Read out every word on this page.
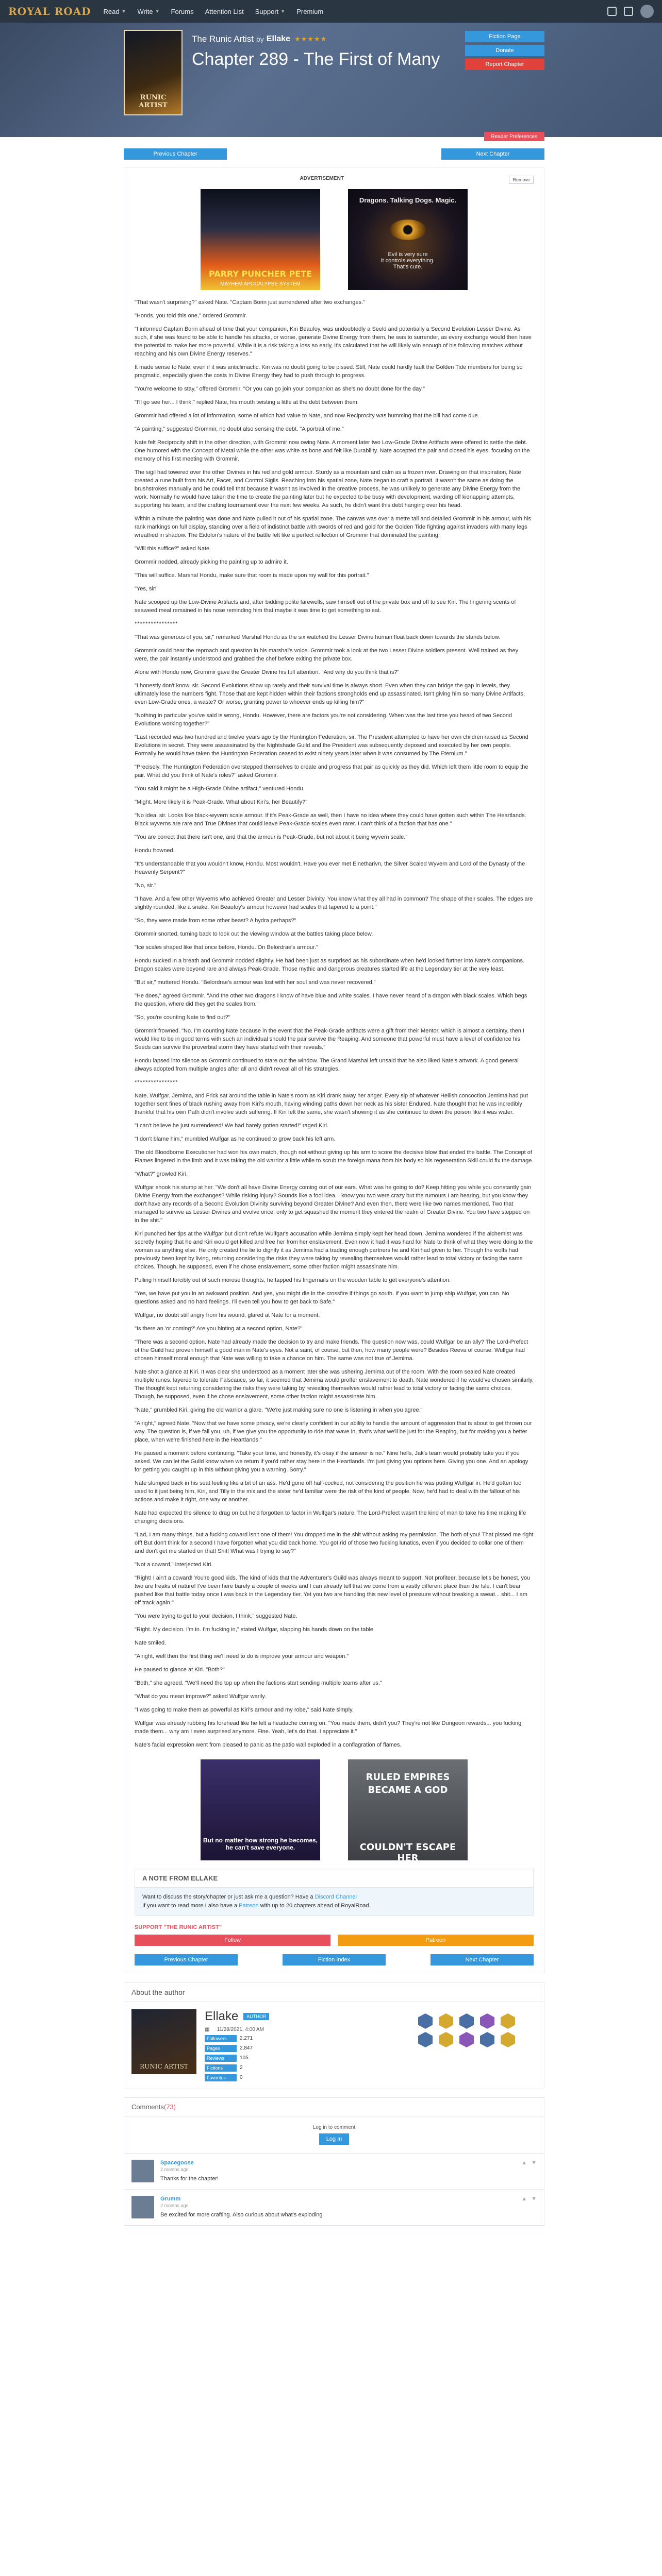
ROYAL ROAD Read ▼ Write ▼ Forums Attention List Support ▼ Premium
RUNIC ARTIST
The Runic Artist by Ellake ★★★★★
Chapter 289 - The First of Many
Fiction Page
Donate
Report Chapter
Reader Preferences
Previous Chapter	Next Chapter
ADVERTISEMENT	Remove
PARRY PUNCHER PETE
MAYHEM APOCALYPSE SYSTEM
Dragons. Talking Dogs. Magic.
Evil is very sure
it controls everything.
That's cute.

"That wasn't surprising?" asked Nate. "Captain Borin just surrendered after two exchanges."

"Honds, you told this one," ordered Grommir.

"I informed Captain Borin ahead of time that your companion, Kiri Beaufoy, was undoubtedly a Seeld and potentially a Second Evolution Lesser Divine. As such, if she was found to be able to handle his attacks, or worse, generate Divine Energy from them, he was to surrender, as every exchange would then have the potential to make her more powerful. While it is a risk taking a loss so early, it's calculated that he will likely win enough of his following matches without reaching and his own Divine Energy reserves."

It made sense to Nate, even if it was anticlimactic. Kiri was no doubt going to be pissed. Still, Nate could hardly fault the Golden Tide members for being so pragmatic, especially given the costs in Divine Energy they had to push through to progress.

"You're welcome to stay," offered Grommir. "Or you can go join your companion as she's no doubt done for the day."

"I'll go see her... I think," replied Nate, his mouth twisting a little at the debt between them.

Grommir had offered a lot of information, some of which had value to Nate, and now Reciprocity was humming that the bill had come due.

"A painting," suggested Grommir, no doubt also sensing the debt. "A portrait of me."

Nate felt Reciprocity shift in the other direction, with Grommir now owing Nate. A moment later two Low-Grade Divine Artifacts were offered to settle the debt. One humored with the Concept of Metal while the other was white as bone and felt like Durability. Nate accepted the pair and closed his eyes, focusing on the memory of his first meeting with Grommir.

The sigil had towered over the other Divines in his red and gold armour. Sturdy as a mountain and calm as a frozen river. Drawing on that inspiration, Nate created a rune built from his Art, Facet, and Control Sigils. Reaching into his spatial zone, Nate began to craft a portrait. It wasn't the same as doing the brushstrokes manually and he could tell that because it wasn't as involved in the creative process, he was unlikely to generate any Divine Energy from the work. Normally he would have taken the time to create the painting later but he expected to be busy with development, warding off kidnapping attempts, supporting his team, and the crafting tournament over the next few weeks. As such, he didn't want this debt hanging over his head.

Within a minute the painting was done and Nate pulled it out of his spatial zone. The canvas was over a metre tall and detailed Grommir in his armour, with his rank markings on full display, standing over a field of indistinct battle with swords of red and gold for the Golden Tide fighting against invaders with many legs wreathed in shadow. The Eidolon's nature of the battle felt like a perfect reflection of Grommir that dominated the painting.

"Will this suffice?" asked Nate.

Grommir nodded, already picking the painting up to admire it.

"This will suffice. Marshal Hondu, make sure that room is made upon my wall for this portrait."

"Yes, sir!"

Nate scooped up the Low-Divine Artifacts and, after bidding polite farewells, saw himself out of the private box and off to see Kiri. The lingering scents of seaweed meal remained in his nose reminding him that maybe it was time to get something to eat.

****************

"That was generous of you, sir," remarked Marshal Hondu as the six watched the Lesser Divine human float back down towards the stands below.

Grommir could hear the reproach and question in his marshal's voice. Grommir took a look at the two Lesser Divine soldiers present. Well trained as they were, the pair instantly understood and grabbed the chef before exiting the private box.

Alone with Hondu now, Grommir gave the Greater Divine his full attention. "And why do you think that is?"

"I honestly don't know, sir. Second Evolutions show up rarely and their survival time is always short. Even when they can bridge the gap in levels, they ultimately lose the numbers fight. Those that are kept hidden within their factions strongholds end up assassinated. Isn't giving him so many Divine Artifacts, even Low-Grade ones, a waste? Or worse, granting power to whoever ends up killing him?"

"Nothing in particular you've said is wrong, Hondu. However, there are factors you're not considering. When was the last time you heard of two Second Evolutions working together?"

"Last recorded was two hundred and twelve years ago by the Huntington Federation, sir. The President attempted to have her own children raised as Second Evolutions in secret. They were assassinated by the Nightshade Guild and the President was subsequently deposed and executed by her own people. Formally he would have taken the Huntington Federation ceased to exist ninety years later when it was consumed by The Eternium."

"Precisely. The Huntington Federation overstepped themselves to create and progress that pair as quickly as they did. Which left them little room to equip the pair. What did you think of Nate's roles?" asked Grommir.

"You said it might be a High-Grade Divine artifact," ventured Hondu.

"Might. More likely it is Peak-Grade. What about Kiri's, her Beautify?"

"No idea, sir. Looks like black-wyvern scale armour. If it's Peak-Grade as well, then I have no idea where they could have gotten such within The Heartlands. Black wyverns are rare and True Divines that could leave Peak-Grade scales even rarer. I can't think of a faction that has one."

"You are correct that there isn't one, and that the armour is Peak-Grade, but not about it being wyvern scale."

Hondu frowned.

"It's understandable that you wouldn't know, Hondu. Most wouldn't. Have you ever met Einetharivn, the Silver Scaled Wyvern and Lord of the Dynasty of the Heavenly Serpent?"

"No, sir."

"I have. And a few other Wyverns who achieved Greater and Lesser Divinity. You know what they all had in common? The shape of their scales. The edges are slightly rounded, like a snake. Kiri Beaufoy's armour however had scales that tapered to a point."

"So, they were made from some other beast? A hydra perhaps?"

Grommir snorted, turning back to look out the viewing window at the battles taking place below.

"Ice scales shaped like that once before, Hondu. On Belordrae's armour."

Hondu sucked in a breath and Grommir nodded slightly. He had been just as surprised as his subordinate when he'd looked further into Nate's companions. Dragon scales were beyond rare and always Peak-Grade. Those mythic and dangerous creatures started life at the Legendary tier at the very least.

"But sir," muttered Hondu. "Belordrae's armour was lost with her soul and was never recovered."

"He does," agreed Grommir. "And the other two dragons I know of have blue and white scales. I have never heard of a dragon with black scales. Which begs the question, where did they get the scales from."

"So, you're counting Nate to find out?"

Grommir frowned. "No. I'm counting Nate because in the event that the Peak-Grade artifacts were a gift from their Mentor, which is almost a certainty, then I would like to be in good terms with such an individual should the pair survive the Reaping. And someone that powerful must have a level of confidence his Seeds can survive the proverbial storm they have started with their reveals."

Hondu lapsed into silence as Grommir continued to stare out the window. The Grand Marshal left unsaid that he also liked Nate's artwork. A good general always adopted from multiple angles after all and didn't reveal all of his strategies.

****************

Nate, Wulfgar, Jemima, and Frick sat around the table in Nate's room as Kiri drank away her anger. Every sip of whatever Hellish concoction Jemima had put together sent fines of black rushing away from Kiri's mouth, having winding paths down her neck as his sister Endured. Nate thought that he was incredibly thankful that his own Path didn't involve such suffering. If Kiri felt the same, she wasn't showing it as she continued to down the poison like it was water.

"I can't believe he just surrendered! We had barely gotten started!" raged Kiri.

"I don't blame him," mumbled Wulfgar as he continued to grow back his left arm.

The old Bloodborne Executioner had won his own match, though not without giving up his arm to score the decisive blow that ended the battle. The Concept of Flames lingered in the limb and it was taking the old warrior a little while to scrub the foreign mana from his body so his regeneration Skill could fix the damage.

"What?" growled Kiri.

Wulfgar shook his stump at her. "We don't all have Divine Energy coming out of our ears. What was he going to do? Keep hitting you while you constantly gain Divine Energy from the exchanges? While risking injury? Sounds like a fool idea. I know you two were crazy but the rumours I am hearing, but you know they don't have any records of a Second Evolution Divinity surviving beyond Greater Divine? And even then, there were like two names mentioned. Two that managed to survive as Lesser Divines and evolve once, only to get squashed the moment they entered the realm of Greater Divine. You two have stepped on in the shit."

Kiri punched her tips at the Wulfgar but didn't refute Wulfgar's accusation while Jemima simply kept her head down. Jemima wondered if the alchemist was secretly hoping that he and Kiri would get killed and free her from her enslavement. Even now it had it was hard for Nate to think of what they were doing to the woman as anything else. He only created the lie to dignify it as Jemima had a trading enough partners he and Kiri had given to her. Though the wolfs had previously been kept by living, returning considering the risks they were taking by revealing themselves would rather lead to total victory or facing the same choices. Though, he supposed, even if he chose enslavement, some other faction might assassinate him.

Pulling himself forcibly out of such morose thoughts, he tapped his fingernails on the wooden table to get everyone's attention.

"Yes, we have put you in an awkward position. And yes, you might die in the crossfire if things go south. If you want to jump ship Wulfgar, you can. No questions asked and no hard feelings. I'll even tell you how to get back to Safe."

Wulfgar, no doubt still angry from his wound, glared at Nate for a moment.

"Is there an 'or coming?' Are you hinting at a second option, Nate?"

"There was a second option. Nate had already made the decision to try and make friends. The question now was, could Wulfgar be an ally? The Lord-Prefect of the Guild had proven himself a good man in Nate's eyes. Not a saint, of course, but then, how many people were? Besides Reeva of course. Wulfgar had chosen himself moral enough that Nate was willing to take a chance on him. The same was not true of Jemima.

Nate shot a glance at Kiri. It was clear she understood as a moment later she was ushering Jemima out of the room. With the room sealed Nate created multiple runes, layered to tolerate Falscauce, so far, it seemed that Jemima would proffer enslavement to death. Nate wondered if he would've chosen similarly. The thought kept returning considering the risks they were taking by revealing themselves would rather lead to total victory or facing the same choices. Though, he supposed, even if he chose enslavement, some other faction might assassinate him.

"Nate," grumbled Kiri, giving the old warrior a glare. "We're just making sure no one is listening in when you agree."

"Alright," agreed Nate. "Now that we have some privacy, we're clearly confident in our ability to handle the amount of aggression that is about to get thrown our way. The question is, if we fall you, uh, if we give you the opportunity to ride that wave in, that's what we'll be just for the Reaping, but for making you a better place, when we're finished here in the Heartlands."

He paused a moment before continuing. "Take your time, and honestly, it's okay if the answer is no." Nine hells, Jak's team would probably take you if you asked. We can let the Guild know when we return if you'd rather stay here in the Heartlands. I'm just giving you options here. Giving you one. And an apology for getting you caught up in this without giving you a warning. Sorry."

Nate slumped back in his seat feeling like a bit of an ass. He'd gone off half-cocked, not considering the position he was putting Wulfgar in. He'd gotten too used to it just being him, Kiri, and Tilly in the mix and the sister he'd familiar were the risk of the kind of people. Now, he'd had to deal with the fallout of his actions and make it right, one way or another.

Nate had expected the silence to drag on but he'd forgotten to factor in Wulfgar's nature. The Lord-Prefect wasn't the kind of man to take his time making life changing decisions.

"Lad, I am many things, but a fucking coward isn't one of them! You dropped me in the shit without asking my permission. The both of you! That pissed me right off! But don't think for a second I have forgotten what you did back home. You got rid of those two fucking lunatics, even if you decided to collar one of them and don't get me started on that! Shit! What was I trying to say?"

"Not a coward," interjected Kiri.

"Right! I ain't a coward! You're good kids. The kind of kids that the Adventurer's Guild was always meant to support. Not profiteer, because let's be honest, you two are freaks of nature! I've been here barely a couple of weeks and I can already tell that we come from a vastly different place than the Isle. I can't bear pushed like that battle today once I was back in the Legendary tier. Yet you two are handling this new level of pressure without breaking a sweat... shit... I am off track again."

"You were trying to get to your decision, I think," suggested Nate.

"Right. My decision. I'm in. I'm fucking in," stated Wulfgar, slapping his hands down on the table.

Nate smiled.

"Alright, well then the first thing we'll need to do is improve your armour and weapon."

He paused to glance at Kiri. "Both?"

"Both," she agreed. "We'll need the top up when the factions start sending multiple teams after us."

"What do you mean improve?" asked Wulfgar warily.

"I was going to make them as powerful as Kiri's armour and my robe," said Nate simply.

Wulfgar was already rubbing his forehead like he felt a headache coming on. "You made them, didn't you? They're not like Dungeon rewards... you fucking made them... why am I even surprised anymore. Fine. Yeah, let's do that. I appreciate it."

Nate's facial expression went from pleased to panic as the patio wall exploded in a conflagration of flames.

But no matter how strong he becomes, he can't save everyone.
RULED EMPIRES
BECAME A GOD
COULDN'T ESCAPE HER
A NOTE FROM ELLAKE
Want to discuss the story/chapter or just ask me a question? Have a Discord Channel
If you want to read more I also have a Patreon with up to 20 chapters ahead of RoyalRoad.
SUPPORT "THE RUNIC ARTIST"
Follow	Patreon
Previous Chapter	Fiction Index	Next Chapter
About the author
RUNIC ARTIST
Ellake	AUTHOR
▦ 11/28/2021, 4:00 AM
Followers	2,271
Pages	2,847
Reviews	105
Fictions	2
Favorites	0
Comments(73)
Log in to comment
Log In
Spacegoose
2 months ago
Thanks for the chapter!
▲ ▼
Grumm
2 months ago
Be excited for more crafting. Also curious about what's exploding
▲ ▼
